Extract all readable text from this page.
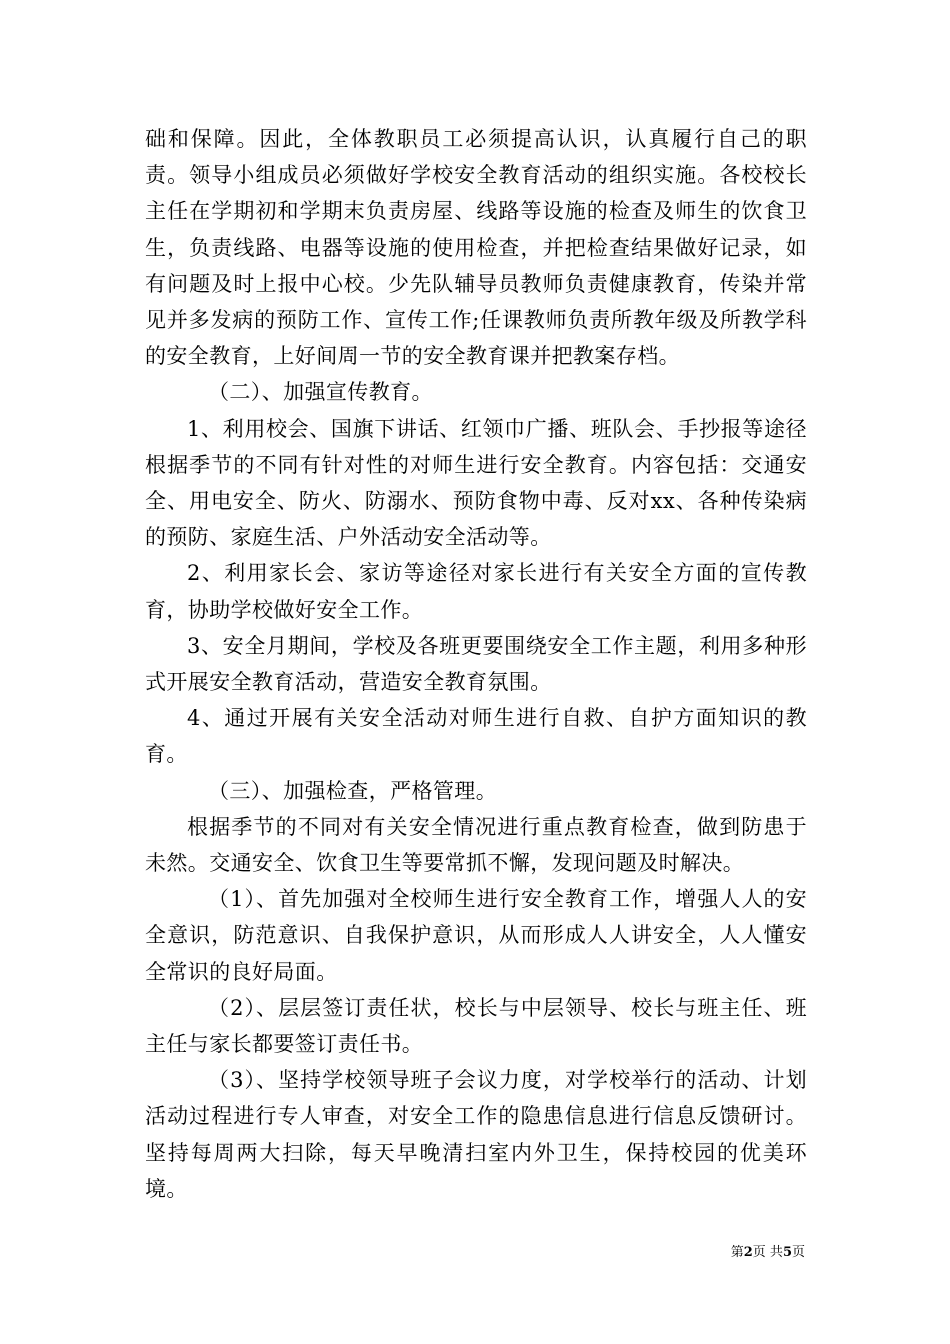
础和保障。因此，全体教职员工必须提高认识，认真履行自己的职责。领导小组成员必须做好学校安全教育活动的组织实施。各校校长主任在学期初和学期末负责房屋、线路等设施的检查及师生的饮食卫生，负责线路、电器等设施的使用检查，并把检查结果做好记录，如有问题及时上报中心校。少先队辅导员教师负责健康教育，传染并常见并多发病的预防工作、宣传工作;任课教师负责所教年级及所教学科的安全教育，上好间周一节的安全教育课并把教案存档。

（二）、加强宣传教育。

1、利用校会、国旗下讲话、红领巾广播、班队会、手抄报等途径根据季节的不同有针对性的对师生进行安全教育。内容包括：交通安全、用电安全、防火、防溺水、预防食物中毒、反对xx、各种传染病的预防、家庭生活、户外活动安全活动等。

2、利用家长会、家访等途径对家长进行有关安全方面的宣传教育，协助学校做好安全工作。

3、安全月期间，学校及各班更要围绕安全工作主题，利用多种形式开展安全教育活动，营造安全教育氛围。

4、通过开展有关安全活动对师生进行自救、自护方面知识的教育。

（三）、加强检查，严格管理。

根据季节的不同对有关安全情况进行重点教育检查，做到防患于未然。交通安全、饮食卫生等要常抓不懈，发现问题及时解决。

（1）、首先加强对全校师生进行安全教育工作，增强人人的安全意识，防范意识、自我保护意识，从而形成人人讲安全，人人懂安全常识的良好局面。

（2）、层层签订责任状，校长与中层领导、校长与班主任、班主任与家长都要签订责任书。

（3）、坚持学校领导班子会议力度，对学校举行的活动、计划活动过程进行专人审查，对安全工作的隐患信息进行信息反馈研讨。坚持每周两大扫除，每天早晚清扫室内外卫生，保持校园的优美环境。

第2页 共5页
